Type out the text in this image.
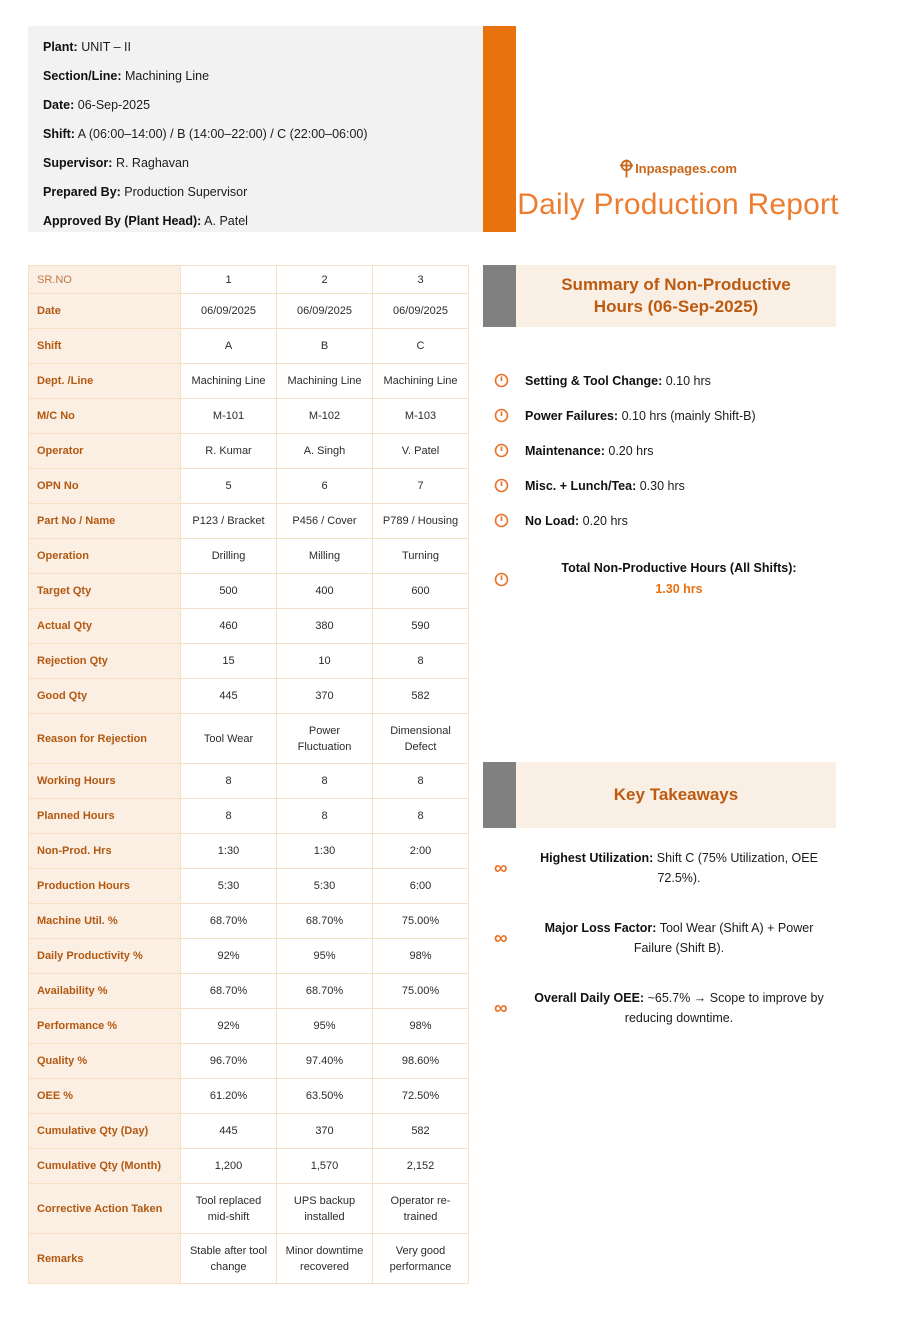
Plant: UNIT – II
Section/Line: Machining Line
Date: 06-Sep-2025
Shift: A (06:00–14:00) / B (14:00–22:00) / C (22:00–06:00)
Supervisor: R. Raghavan
Prepared By: Production Supervisor
Approved By (Plant Head): A. Patel
Inpaspages.com
Daily Production Report
SR.NO	1	2	3
Date	06/09/2025	06/09/2025	06/09/2025
Shift	A	B	C
Dept. /Line	Machining Line	Machining Line	Machining Line
M/C No	M-101	M-102	M-103
Operator	R. Kumar	A. Singh	V. Patel
OPN No	5	6	7
Part No / Name	P123 / Bracket	P456 / Cover	P789 / Housing
Operation	Drilling	Milling	Turning
Target Qty	500	400	600
Actual Qty	460	380	590
Rejection Qty	15	10	8
Good Qty	445	370	582
Reason for Rejection	Tool Wear	Power Fluctuation	Dimensional Defect
Working Hours	8	8	8
Planned Hours	8	8	8
Non-Prod. Hrs	1:30	1:30	2:00
Production Hours	5:30	5:30	6:00
Machine Util. %	68.70%	68.70%	75.00%
Daily Productivity %	92%	95%	98%
Availability %	68.70%	68.70%	75.00%
Performance %	92%	95%	98%
Quality %	96.70%	97.40%	98.60%
OEE %	61.20%	63.50%	72.50%
Cumulative Qty (Day)	445	370	582
Cumulative Qty (Month)	1,200	1,570	2,152
Corrective Action Taken	Tool replaced mid-shift	UPS backup installed	Operator re-trained
Remarks	Stable after tool change	Minor downtime recovered	Very good performance
Summary of Non-Productive Hours (06-Sep-2025)

Setting & Tool Change: 0.10 hrs

Power Failures: 0.10 hrs (mainly Shift-B)

Maintenance: 0.20 hrs

Misc. + Lunch/Tea: 0.30 hrs

No Load: 0.20 hrs

Total Non-Productive Hours (All Shifts):
1.30 hrs

Key Takeaways
∞	Highest Utilization: Shift C (75% Utilization, OEE 72.5%).

∞	Major Loss Factor: Tool Wear (Shift A) + Power Failure (Shift B).

∞	Overall Daily OEE: ~65.7% → Scope to improve by reducing downtime.
